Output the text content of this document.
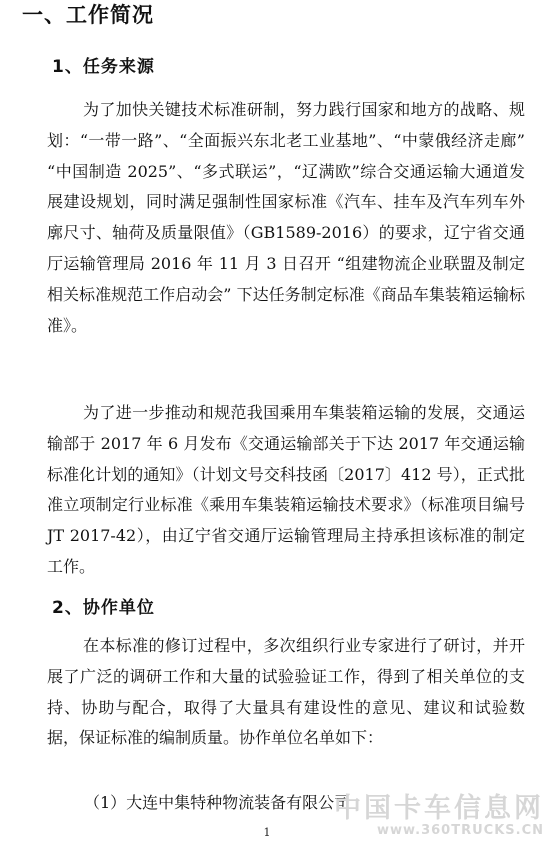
一、工作简况
1、任务来源

为了加快关键技术标准研制，努力践行国家和地方的战略、规划：“一带一路”、“全面振兴东北老工业基地”、“中蒙俄经济走廊” “中国制造 2025”、“多式联运”，“辽满欧”综合交通运输大通道发展建设规划，同时满足强制性国家标准《汽车、挂车及汽车列车外廓尺寸、轴荷及质量限值》（GB1589-2016）的要求，辽宁省交通厅运输管理局 2016 年 11 月 3 日召开 “组建物流企业联盟及制定相关标准规范工作启动会” 下达任务制定标准《商品车集装箱运输标准》。

为了进一步推动和规范我国乘用车集装箱运输的发展，交通运输部于 2017 年 6 月发布《交通运输部关于下达 2017 年交通运输标准化计划的通知》（计划文号交科技函〔2017〕412 号），正式批准立项制定行业标准《乘用车集装箱运输技术要求》（标准项目编号 JT 2017-42），由辽宁省交通厅运输管理局主持承担该标准的制定工作。

2、协作单位

在本标准的修订过程中，多次组织行业专家进行了研讨，并开展了广泛的调研工作和大量的试验验证工作，得到了相关单位的支持、协助与配合，取得了大量具有建设性的意见、建议和试验数据，保证标准的编制质量。协作单位名单如下：

（1）大连中集特种物流装备有限公司

1
中国卡车信息网
www.360TRUCKS.CN
